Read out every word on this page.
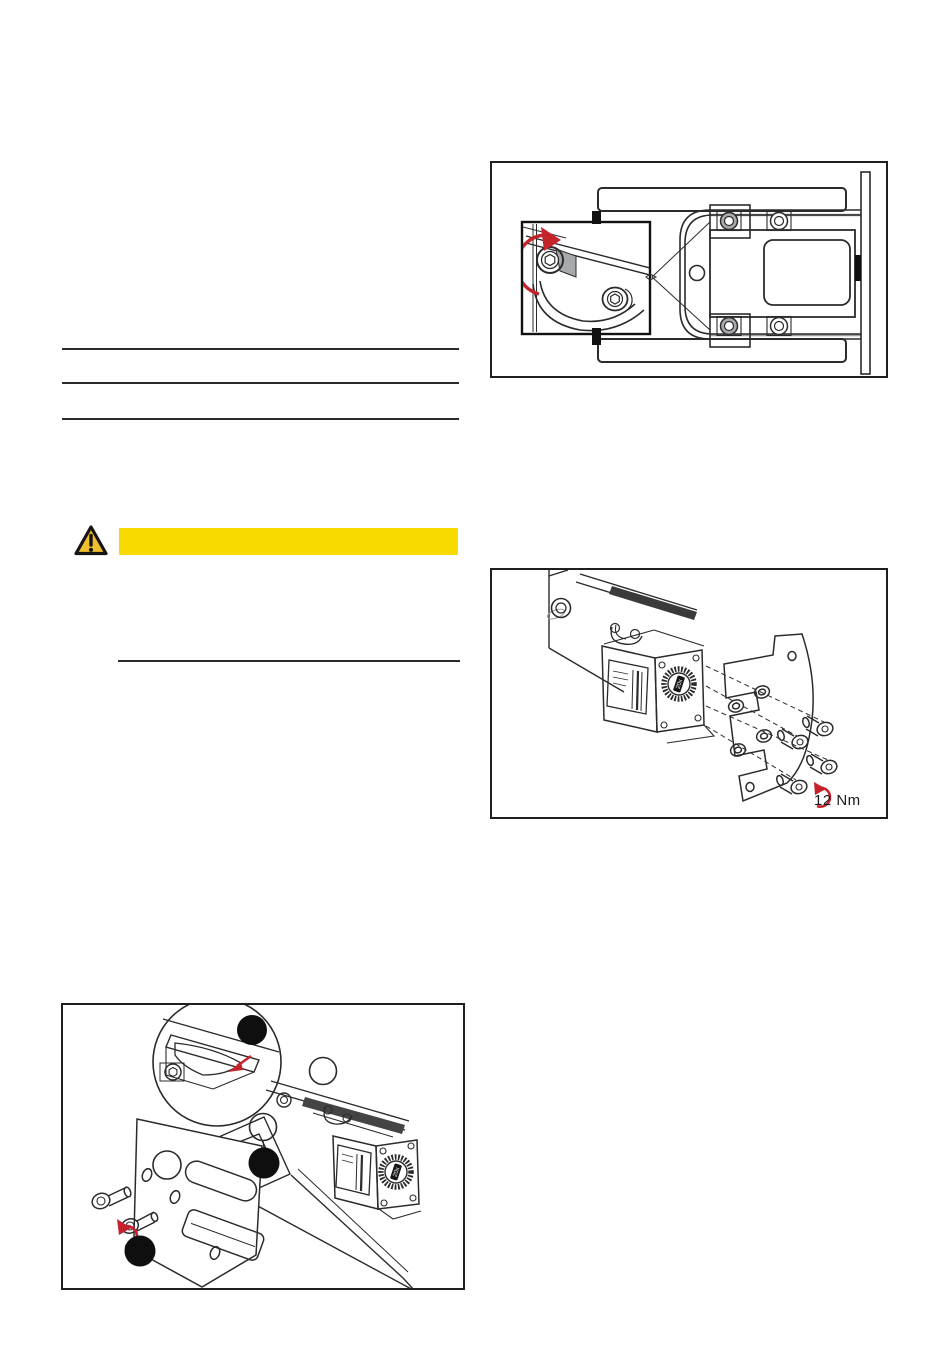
20x
12 Nm
20x
